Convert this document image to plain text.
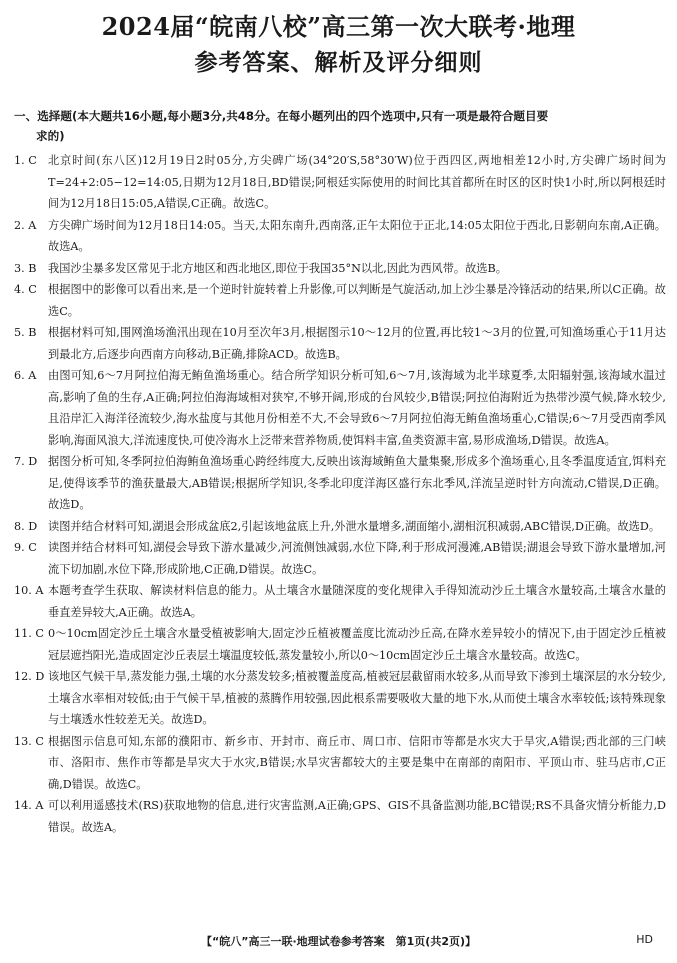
2024届“皖南八校”高三第一次大联考·地理
参考答案、解析及评分细则
一、选择题(本大题共16小题,每小题3分,共48分。在每小题列出的四个选项中,只有一项是最符合题目要
求的)
1. C	北京时间(东八区)12月19日2时05分,方尖碑广场(34°20′S,58°30′W)位于西四区,两地相差12小时,方尖碑广场时间为T=24+2:05−12=14:05,日期为12月18日,BD错误;阿根廷实际使用的时间比其首都所在时区的区时快1小时,所以阿根廷时间为12月18日15:05,A错误,C正确。故选C。
2. A	方尖碑广场时间为12月18日14:05。当天,太阳东南升,西南落,正午太阳位于正北,14:05太阳位于西北,日影朝向东南,A正确。故选A。
3. B	我国沙尘暴多发区常见于北方地区和西北地区,即位于我国35°N以北,因此为西风带。故选B。
4. C	根据图中的影像可以看出来,是一个逆时针旋转着上升影像,可以判断是气旋活动,加上沙尘暴是冷锋活动的结果,所以C正确。故选C。
5. B	根据材料可知,围网渔场渔汛出现在10月至次年3月,根据图示10～12月的位置,再比较1～3月的位置,可知渔场重心于11月达到最北方,后逐步向西南方向移动,B正确,排除ACD。故选B。
6. A	由图可知,6～7月阿拉伯海无鲔鱼渔场重心。结合所学知识分析可知,6～7月,该海域为北半球夏季,太阳辐射强,该海域水温过高,影响了鱼的生存,A正确;阿拉伯海海域相对狭窄,不够开阔,形成的台风较少,B错误;阿拉伯海附近为热带沙漠气候,降水较少,且沿岸汇入海洋径流较少,海水盐度与其他月份相差不大,不会导致6～7月阿拉伯海无鲔鱼渔场重心,C错误;6～7月受西南季风影响,海面风浪大,洋流速度快,可使冷海水上泛带来营养物质,使饵料丰富,鱼类资源丰富,易形成渔场,D错误。故选A。
7. D 据图分析可知,冬季阿拉伯海鲔鱼渔场重心跨经纬度大,反映出该海域鲔鱼大量集聚,形成多个渔场重心,且冬季温度适宜,饵料充足,使得该季节的渔获量最大,AB错误;根据所学知识,冬季北印度洋海区盛行东北季风,洋流呈逆时针方向流动,C错误,D正确。故选D。
8. D 读图并结合材料可知,湖退会形成盆底2,引起该地盆底上升,外泄水量增多,湖面缩小,湖相沉积减弱,ABC错误,D正确。故选D。
9. C	读图并结合材料可知,湖侵会导致下游水量减少,河流侧蚀减弱,水位下降,利于形成河漫滩,AB错误;湖退会导致下游水量增加,河流下切加剧,水位下降,形成阶地,C正确,D错误。故选C。
10. A 本题考查学生获取、解读材料信息的能力。从土壤含水量随深度的变化规律入手得知流动沙丘土壤含水量较高,土壤含水量的垂直差异较大,A正确。故选A。
11. C 0～10cm固定沙丘土壤含水量受植被影响大,固定沙丘植被覆盖度比流动沙丘高,在降水差异较小的情况下,由于固定沙丘植被冠层遮挡阳光,造成固定沙丘表层土壤温度较低,蒸发量较小,所以0～10cm固定沙丘土壤含水量较高。故选C。
12. D 该地区气候干旱,蒸发能力强,土壤的水分蒸发较多;植被覆盖度高,植被冠层截留雨水较多,从而导致下渗到土壤深层的水分较少,土壤含水率相对较低;由于气候干旱,植被的蒸腾作用较强,因此根系需要吸收大量的地下水,从而使土壤含水率较低;该特殊现象与土壤透水性较差无关。故选D。
13. C 根据图示信息可知,东部的濮阳市、新乡市、开封市、商丘市、周口市、信阳市等都是水灾大于旱灾,A错误;西北部的三门峡市、洛阳市、焦作市等都是旱灾大于水灾,B错误;水旱灾害都较大的主要是集中在南部的南阳市、平顶山市、驻马店市,C正确,D错误。故选C。
14. A 可以利用遥感技术(RS)获取地物的信息,进行灾害监测,A正确;GPS、GIS不具备监测功能,BC错误;RS不具备灾情分析能力,D错误。故选A。
【“皖八”高三一联·地理试卷参考答案　第1页(共2页)】	HD
